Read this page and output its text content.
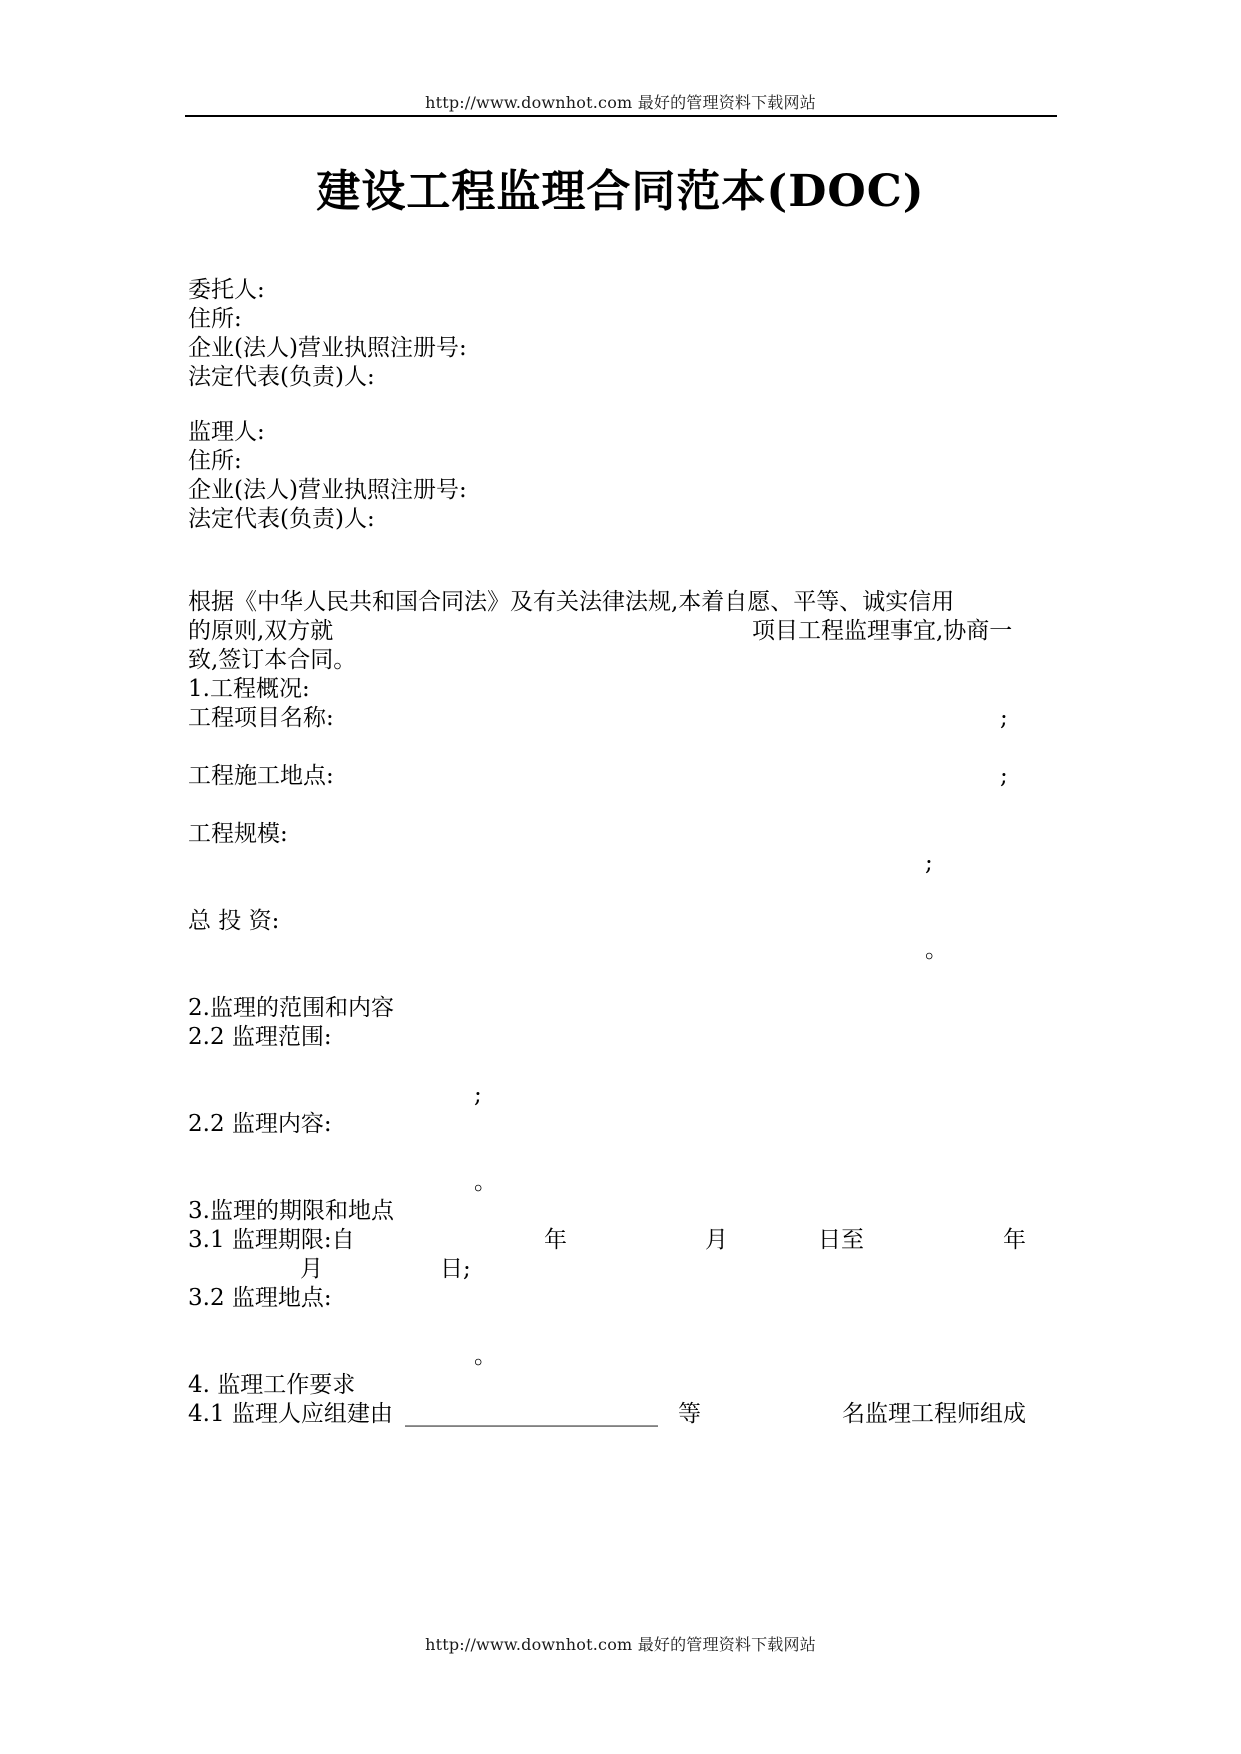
http://www.downhot.com 最好的管理资料下载网站
建设工程监理合同范本(DOC)
委托人:
住所:
企业(法人)营业执照注册号:
法定代表(负责)人:
监理人:
住所:
企业(法人)营业执照注册号:
法定代表(负责)人:
根据《中华人民共和国合同法》及有关法律法规,本着自愿、平等、诚实信用
的原则,双方就	项目工程监理事宜,协商一
致,签订本合同。
1.工程概况:
工程项目名称:	;
工程施工地点:	;
工程规模:
;
总 投 资:
。
2.监理的范围和内容
2.2 监理范围:
;
2.2 监理内容:
。
3.监理的期限和地点
3.1 监理期限:自	年	月	日至	年
月	日;
3.2 监理地点:
。
4. 监理工作要求
4.1 监理人应组建由 ______________________ 等	名监理工程师组成
http://www.downhot.com 最好的管理资料下载网站
